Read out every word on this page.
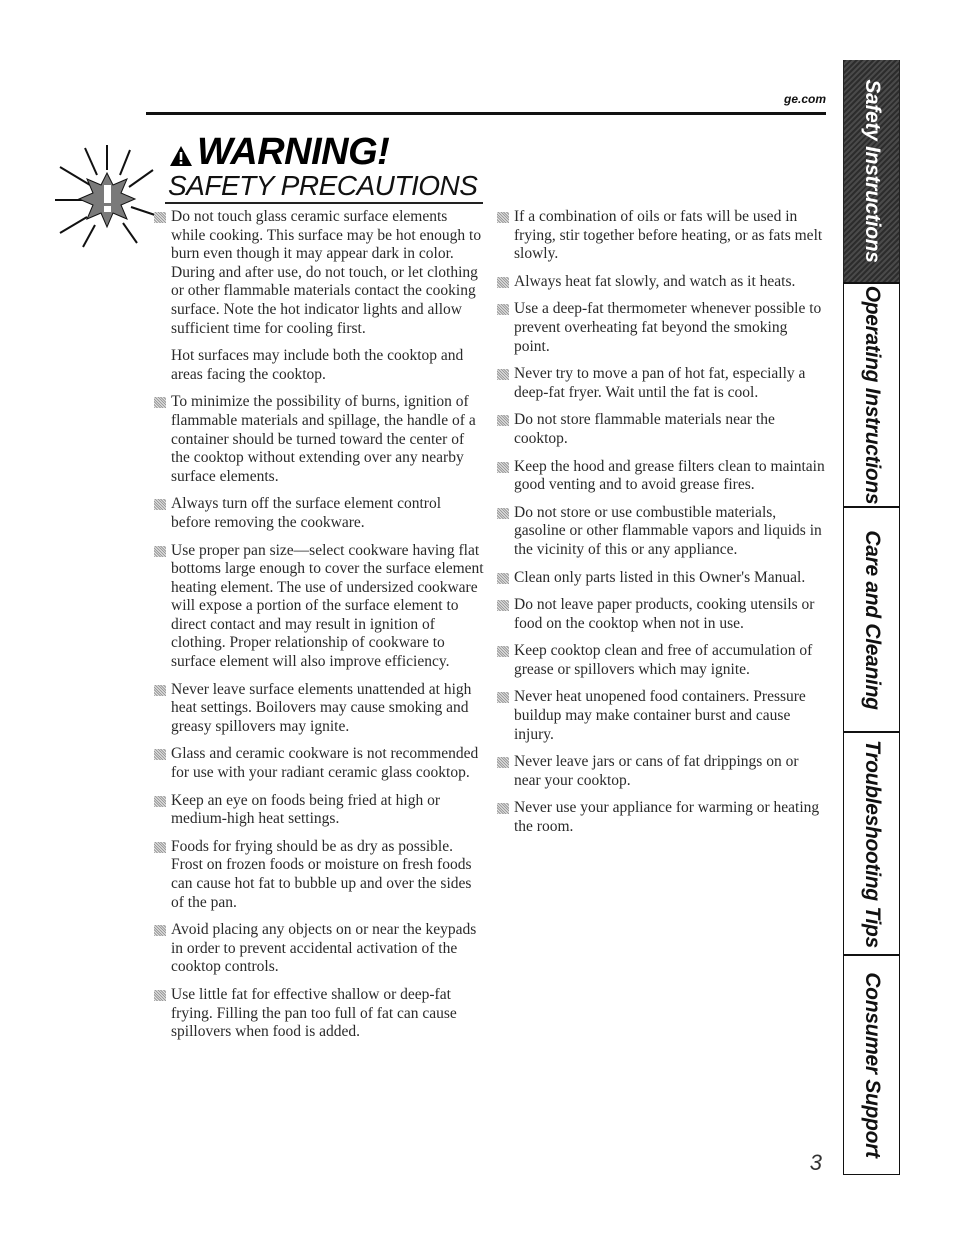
ge.com
WARNING!
SAFETY PRECAUTIONS
Do not touch glass ceramic surface elements while cooking. This surface may be hot enough to burn even though it may appear dark in color. During and after use, do not touch, or let clothing or other flammable materials contact the cooking surface. Note the hot indicator lights and allow sufficient time for cooling first.
Hot surfaces may include both the cooktop and areas facing the cooktop.
To minimize the possibility of burns, ignition of flammable materials and spillage, the handle of a container should be turned toward the center of the cooktop without extending over any nearby surface elements.
Always turn off the surface element control before removing the cookware.
Use proper pan size—select cookware having flat bottoms large enough to cover the surface element heating element. The use of undersized cookware will expose a portion of the surface element to direct contact and may result in ignition of clothing. Proper relationship of cookware to surface element will also improve efficiency.
Never leave surface elements unattended at high heat settings. Boilovers may cause smoking and greasy spillovers may ignite.
Glass and ceramic cookware is not recommended for use with your radiant ceramic glass cooktop.
Keep an eye on foods being fried at high or medium-high heat settings.
Foods for frying should be as dry as possible. Frost on frozen foods or moisture on fresh foods can cause hot fat to bubble up and over the sides of the pan.
Avoid placing any objects on or near the keypads in order to prevent accidental activation of the cooktop controls.
Use little fat for effective shallow or deep-fat frying. Filling the pan too full of fat can cause spillovers when food is added.
If a combination of oils or fats will be used in frying, stir together before heating, or as fats melt slowly.
Always heat fat slowly, and watch as it heats.
Use a deep-fat thermometer whenever possible to prevent overheating fat beyond the smoking point.
Never try to move a pan of hot fat, especially a deep-fat fryer. Wait until the fat is cool.
Do not store flammable materials near the cooktop.
Keep the hood and grease filters clean to maintain good venting and to avoid grease fires.
Do not store or use combustible materials, gasoline or other flammable vapors and liquids in the vicinity of this or any appliance.
Clean only parts listed in this Owner's Manual.
Do not leave paper products, cooking utensils or food on the cooktop when not in use.
Keep cooktop clean and free of accumulation of grease or spillovers which may ignite.
Never heat unopened food containers. Pressure buildup may make container burst and cause injury.
Never leave jars or cans of fat drippings on or near your cooktop.
Never use your appliance for warming or heating the room.
Safety Instructions
Operating Instructions
Care and Cleaning
Troubleshooting Tips
Consumer Support
3
